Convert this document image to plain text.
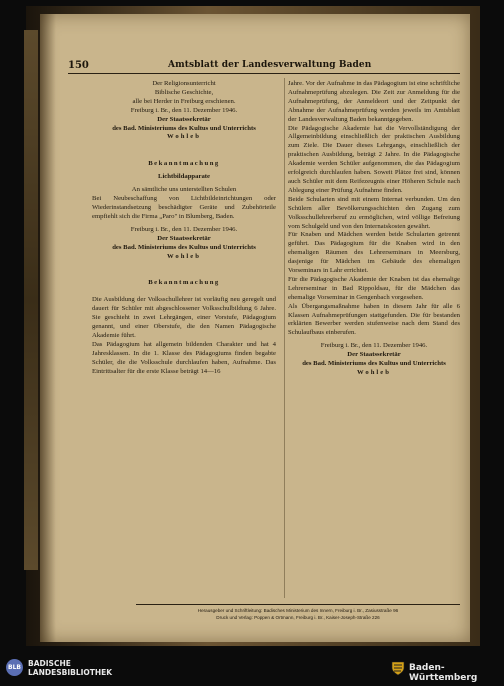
150	Amtsblatt der Landesverwaltung Baden
Der Religionsunterricht
Biblische Geschichte,
alle bei Herder in Freiburg erschienen.
Freiburg i. Br., den 11. Dezember 1946.
Der Staatssekretär
des Bad. Ministeriums des Kultus und Unterrichts
Wohleb
Bekanntmachung
Lichtbildapparate
An sämtliche uns unterstellten Schulen
Bei Neubeschaffung von Lichtbildeinrichtungen oder Wiederinstandsetzung beschädigter Geräte und Zubehörteile empfiehlt sich die Firma „Paro" in Blumberg, Baden.
Freiburg i. Br., den 11. Dezember 1946.
Der Staatssekretär
des Bad. Ministeriums des Kultus und Unterrichts
Wohleb
Bekanntmachung
Die Ausbildung der Volksschullehrer ist vorläufig neu geregelt und dauert für Schüler mit abgeschlossener Volksschulbildung 6 Jahre. Sie geschieht in zwei Lehrgängen, einer Vorstufe, Pädagogium genannt, und einer Oberstufe, die den Namen Pädagogische Akademie führt.
Das Pädagogium hat allgemein bildenden Charakter und hat 4 Jahresklassen. In die 1. Klasse des Pädagogiums finden begabte Schüler, die die Volksschule durchlaufen haben, Aufnahme. Das Eintrittsalter für die erste Klasse beträgt 14—16
Jahre. Vor der Aufnahme in das Pädagogium ist eine schriftliche Aufnahmeprüfung abzulegen. Die Zeit zur Anmeldung für die Aufnahmeprüfung, der Anmeldeort und der Zeitpunkt der Abnahme der Aufnahmeprüfung werden jeweils im Amtsblatt der Landesverwaltung Baden bekanntgegeben.
Die Pädagogische Akademie hat die Vervollständigung der Allgemeinbildung einschließlich der praktischen Ausbildung zum Ziele. Die Dauer dieses Lehrgangs, einschließlich der praktischen Ausbildung, beträgt 2 Jahre. In die Pädagogische Akademie werden Schüler aufgenommen, die das Pädagogium erfolgreich durchlaufen haben. Soweit Plätze frei sind, können auch Schüler mit dem Reifezeugnis einer Höheren Schule nach Ablegung einer Prüfung Aufnahme finden.
Beide Schularten sind mit einem Internat verbunden. Um den Schülern aller Bevölkerungsschichten den Zugang zum Volksschullehrerberuf zu ermöglichen, wird völlige Befreiung vom Schulgeld und von den Internatskosten gewährt.
Für Knaben und Mädchen werden beide Schularten getrennt geführt. Das Pädagogium für die Knaben wird in den ehemaligen Räumen des Lehrerseminars in Meersburg, dasjenige für Mädchen im Gebäude des ehemaligen Vorseminars in Lahr errichtet.
Für die Pädagogische Akademie der Knaben ist das ehemalige Lehrerseminar in Bad Rippoldsau, für die Mädchen das ehemalige Vorseminar in Gengenbach vorgesehen.
Als Übergangsmaßnahme haben in diesem Jahr für alle 6 Klassen Aufnahmeprüfungen stattgefunden. Die für bestanden erklärten Bewerber werden stufenweise nach dem Stand des Schulaufbaus einberufen.
Freiburg i. Br., den 11. Dezember 1946.
Der Staatssekretär
des Bad. Ministeriums des Kultus und Unterrichts
Wohleb
Herausgeber und Schriftleitung: Badisches Ministerium des Innern, Freiburg i. Br., Zasiusstraße 96
Druck und Verlag: Poppen & Ortmann, Freiburg i. Br., Kaiser-Joseph-Straße 226
BLB BADISCHE
LANDESBIBLIOTHEK	Baden-Württemberg
